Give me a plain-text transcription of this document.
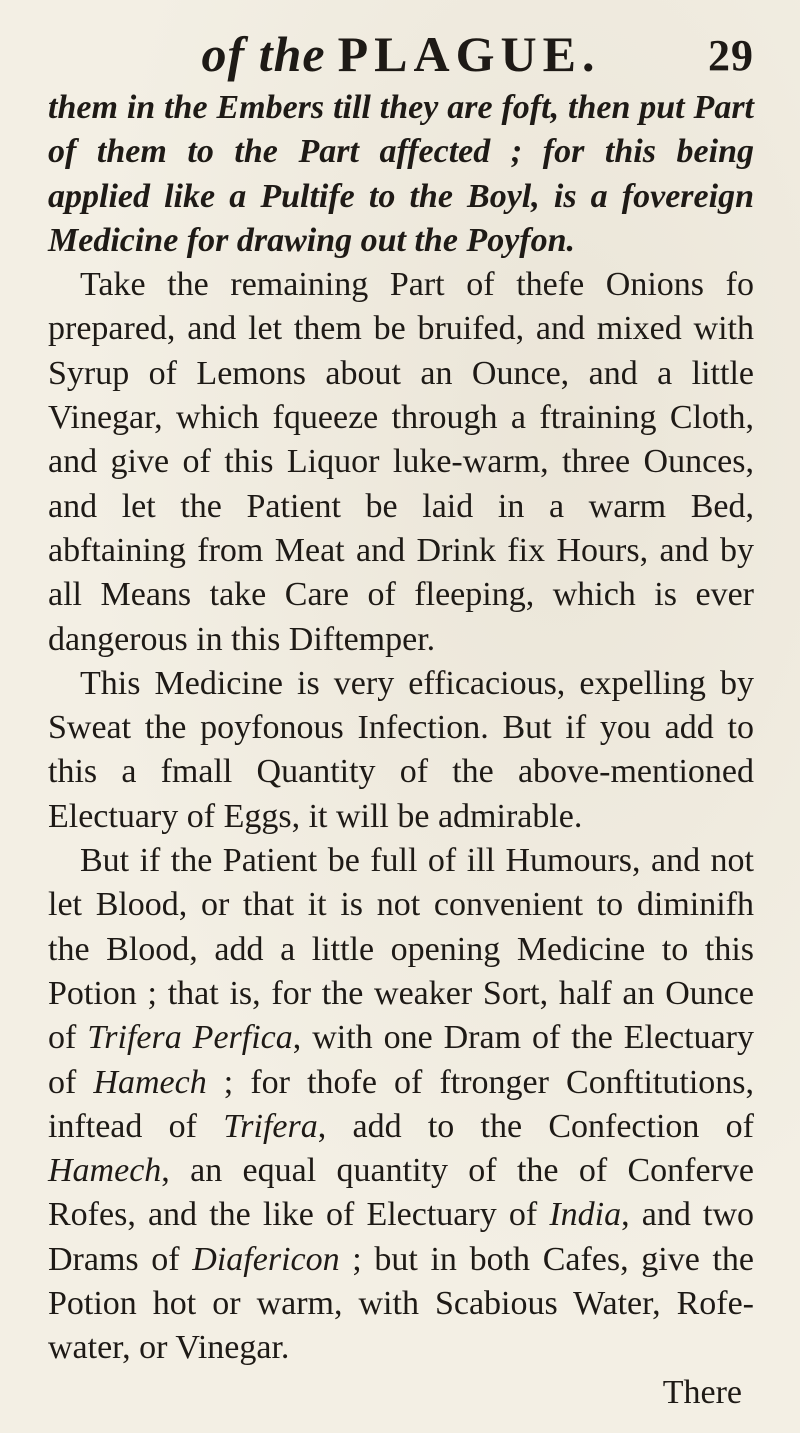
of the PLAGUE. 29

them in the Embers till they are foft, then put Part of them to the Part affected ; for this being applied like a Pultife to the Boyl, is a fovereign Medicine for drawing out the Poyfon.

Take the remaining Part of thefe Onions fo prepared, and let them be bruifed, and mixed with Syrup of Lemons about an Ounce, and a little Vinegar, which fqueeze through a ftraining Cloth, and give of this Liquor luke-warm, three Ounces, and let the Patient be laid in a warm Bed, abftaining from Meat and Drink fix Hours, and by all Means take Care of fleeping, which is ever dangerous in this Diftemper.

This Medicine is very efficacious, expelling by Sweat the poyfonous Infection. But if you add to this a fmall Quantity of the above-mentioned Electuary of Eggs, it will be admirable.

But if the Patient be full of ill Humours, and not let Blood, or that it is not convenient to diminifh the Blood, add a little opening Medicine to this Potion ; that is, for the weaker Sort, half an Ounce of Trifera Perfica, with one Dram of the Electuary of Hamech ; for thofe of ftronger Conftitutions, inftead of Trifera, add to the Confection of Hamech, an equal quantity of the of Conferve Rofes, and the like of Electuary of India, and two Drams of Diafericon ; but in both Cafes, give the Potion hot or warm, with Scabious Water, Rofe-water, or Vinegar.

There
